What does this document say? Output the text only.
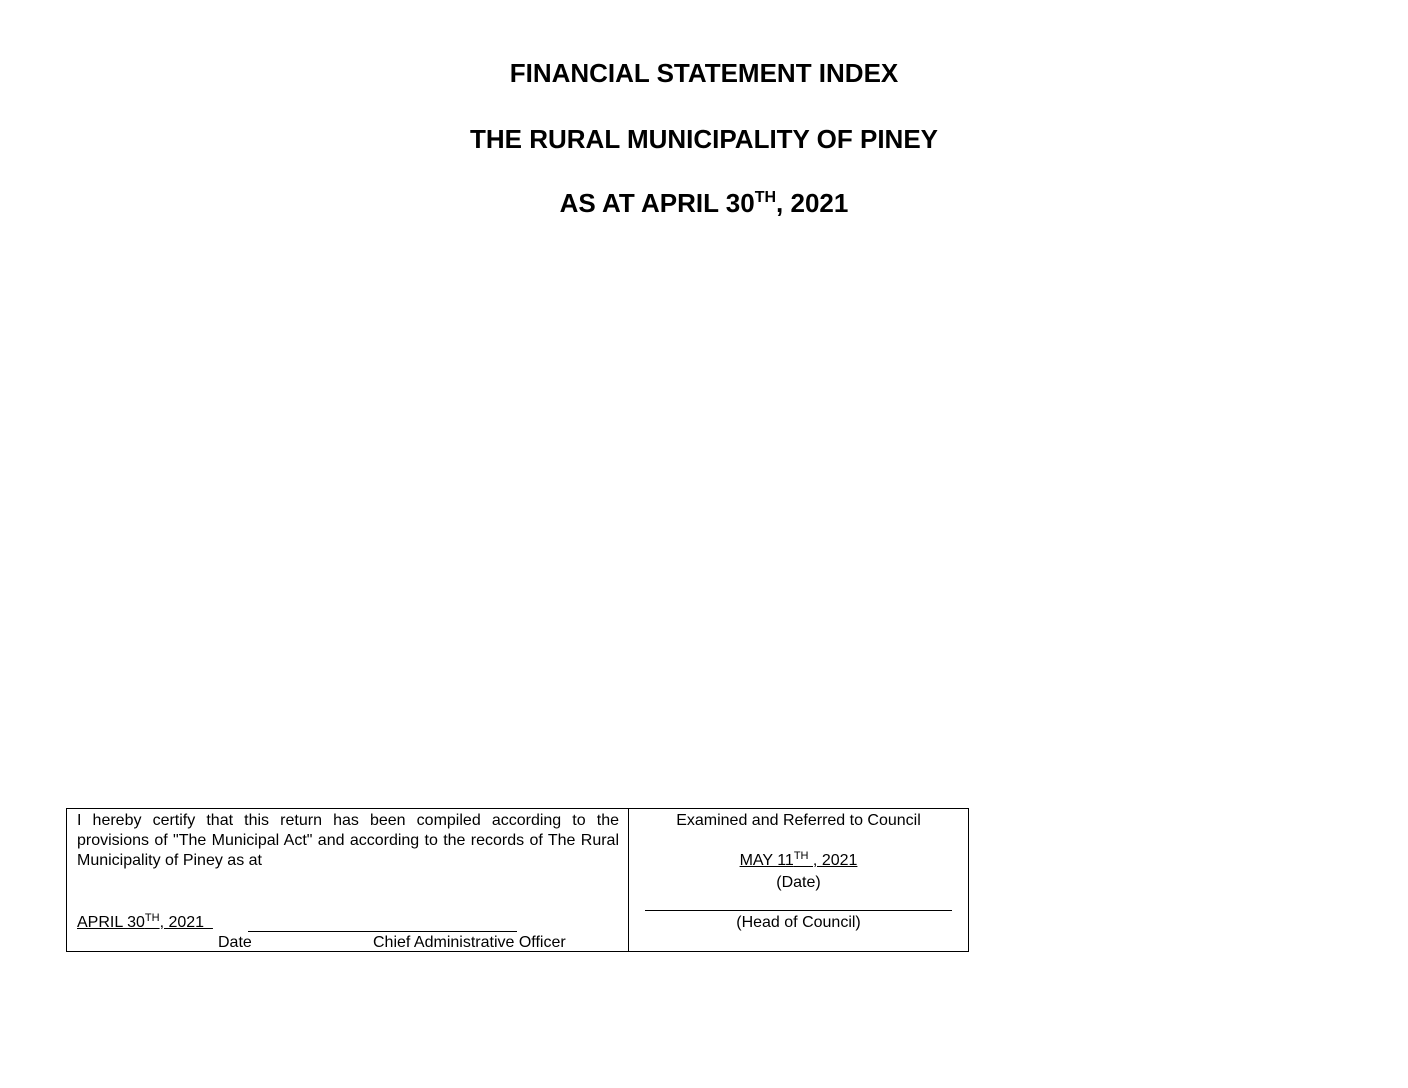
FINANCIAL STATEMENT INDEX
THE RURAL MUNICIPALITY OF PINEY
AS AT APRIL 30TH, 2021
I hereby certify that this return has been compiled according to the provisions of "The Municipal Act" and according to the records of The Rural Municipality of Piney as at
APRIL 30TH, 2021
Date	Chief Administrative Officer
Examined and Referred to Council
MAY 11TH , 2021
(Date)
(Head of Council)
